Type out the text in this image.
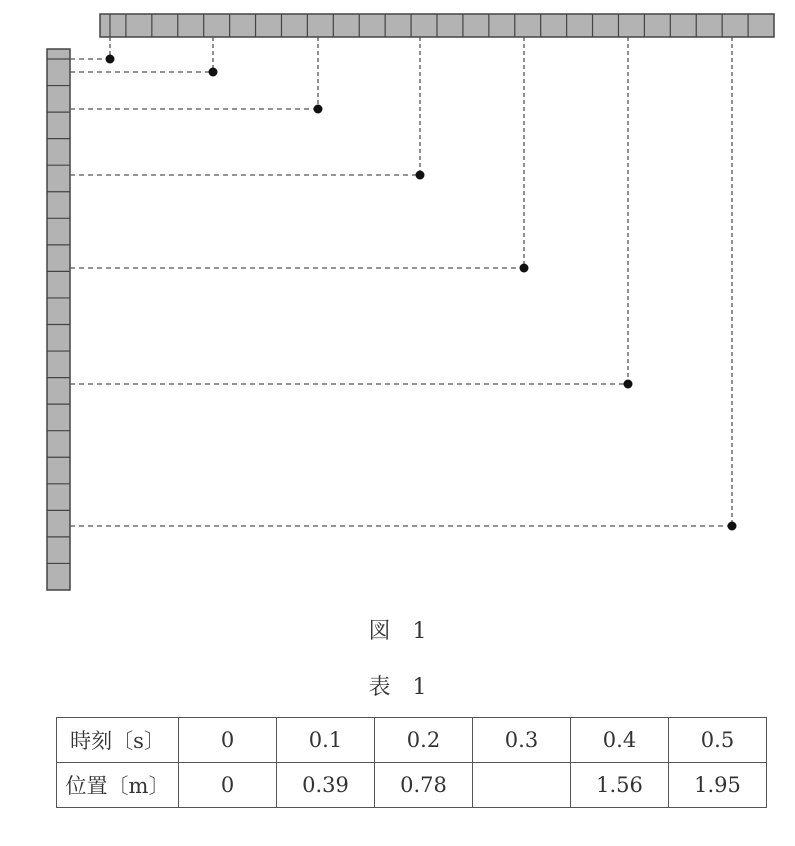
図 1
表 1
時刻〔s〕	0	0.1	0.2	0.3	0.4	0.5
位置〔m〕	0	0.39	0.78		1.56	1.95
